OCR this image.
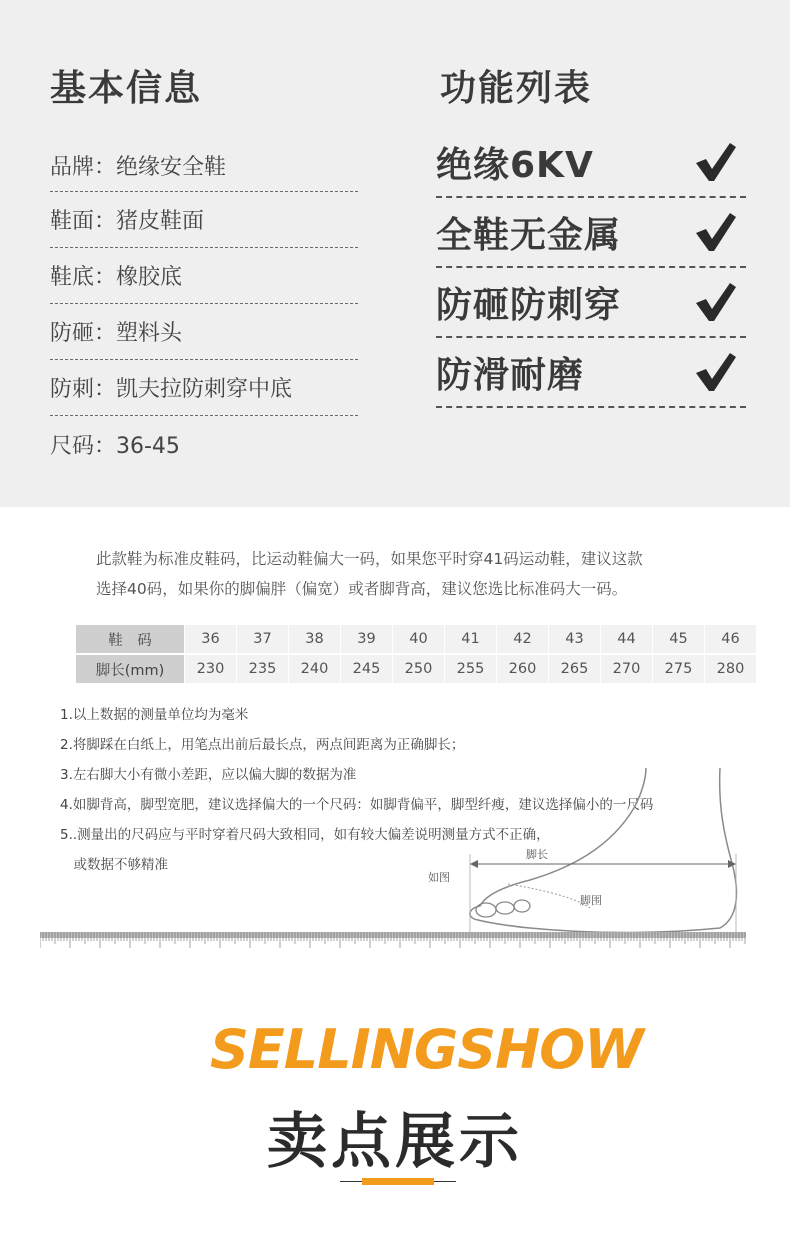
基本信息	功能列表
品牌：绝缘安全鞋
鞋面：猪皮鞋面
鞋底：橡胶底
防砸：塑料头
防刺：凯夫拉防刺穿中底
尺码：36-45
绝缘6KV
全鞋无金属
防砸防刺穿
防滑耐磨
此款鞋为标准皮鞋码，比运动鞋偏大一码，如果您平时穿41码运动鞋，建议这款
选择40码，如果你的脚偏胖（偏宽）或者脚背高，建议您选比标准码大一码。
鞋　码	36	37	38	39	40	41	42	43	44	45	46
脚长(mm)	230	235	240	245	250	255	260	265	270	275	280
1.以上数据的测量单位均为毫米
2.将脚踩在白纸上，用笔点出前后最长点，两点间距离为正确脚长；
3.左右脚大小有微小差距，应以偏大脚的数据为准
4.如脚背高，脚型宽肥，建议选择偏大的一个尺码：如脚背偏平，脚型纤瘦，建议选择偏小的一尺码
5..测量出的尺码应与平时穿着尺码大致相同，如有较大偏差说明测量方式不正确，
　或数据不够精准
脚长
脚围
如图
SELLINGSHOW
卖点展示
